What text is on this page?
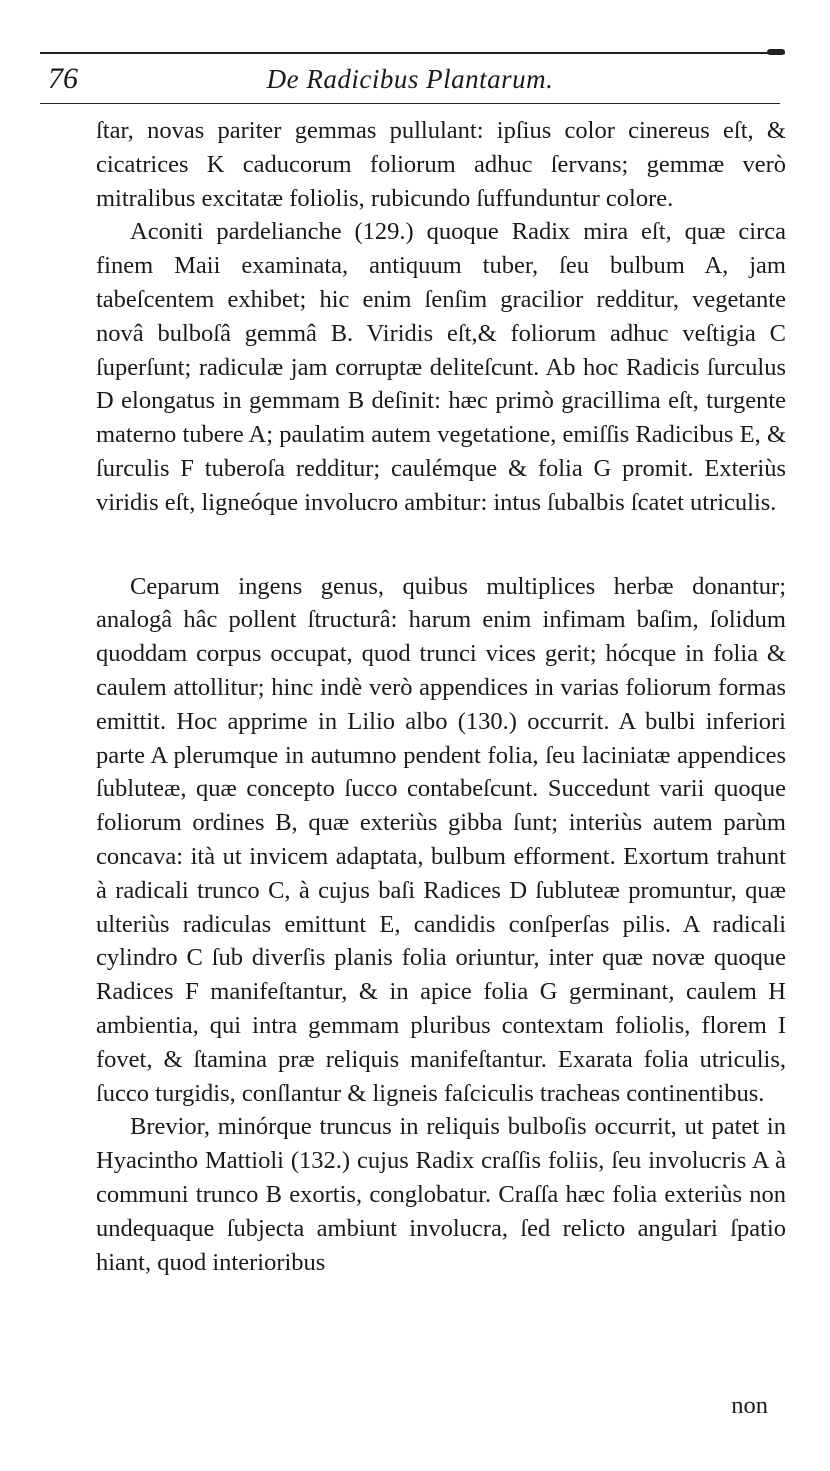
76	De Radicibus Plantarum.

ſtar, novas pariter gemmas pullulant: ipſius color cinereus eſt, & cicatrices K caducorum foliorum adhuc ſervans; gemmæ verò mitralibus excitatæ foliolis, rubicundo ſuffunduntur colore.

Aconiti pardelianche (129.) quoque Radix mira eſt, quæ circa finem Maii examinata, antiquum tuber, ſeu bulbum A, jam tabeſcentem exhibet; hic enim ſenſim gracilior redditur, vegetante novâ bulboſâ gemmâ B. Viridis eſt,& foliorum adhuc veſtigia C ſuperſunt; radiculæ jam corruptæ deliteſcunt. Ab hoc Radicis ſurculus D elongatus in gemmam B deſinit: hæc primò gracillima eſt, turgente materno tubere A; paulatim autem vegetatione, emiſſis Radicibus E, & ſurculis F tuberoſa redditur; caulémque & folia G promit. Exteriùs viridis eſt, ligneóque involucro ambitur: intus ſubalbis ſcatet utriculis.

Ceparum ingens genus, quibus multiplices herbæ donantur; analogâ hâc pollent ſtructurâ: harum enim infimam baſim, ſolidum quoddam corpus occupat, quod trunci vices gerit; hócque in folia & caulem attollitur; hinc indè verò appendices in varias foliorum formas emittit. Hoc apprime in Lilio albo (130.) occurrit. A bulbi inferiori parte A plerumque in autumno pendent folia, ſeu laciniatæ appendices ſubluteæ, quæ concepto ſucco contabeſcunt. Succedunt varii quoque foliorum ordines B, quæ exteriùs gibba ſunt; interiùs autem parùm concava: ità ut invicem adaptata, bulbum efforment. Exortum trahunt à radicali trunco C, à cujus baſi Radices D ſubluteæ promuntur, quæ ulteriùs radiculas emittunt E, candidis conſperſas pilis. A radicali cylindro C ſub diverſis planis folia oriuntur, inter quæ novæ quoque Radices F manifeſtantur, & in apice folia G germinant, caulem H ambientia, qui intra gemmam pluribus contextam foliolis, florem I fovet, & ſtamina præ reliquis manifeſtantur. Exarata folia utriculis, ſucco turgidis, conſlantur & ligneis faſciculis tracheas continentibus.

Brevior, minórque truncus in reliquis bulboſis occurrit, ut patet in Hyacintho Mattioli (132.) cujus Radix craſſis foliis, ſeu involucris A à communi trunco B exortis, conglobatur. Craſſa hæc folia exteriùs non undequaque ſubjecta ambiunt involucra, ſed relicto angulari ſpatio hiant, quod interioribus

non
